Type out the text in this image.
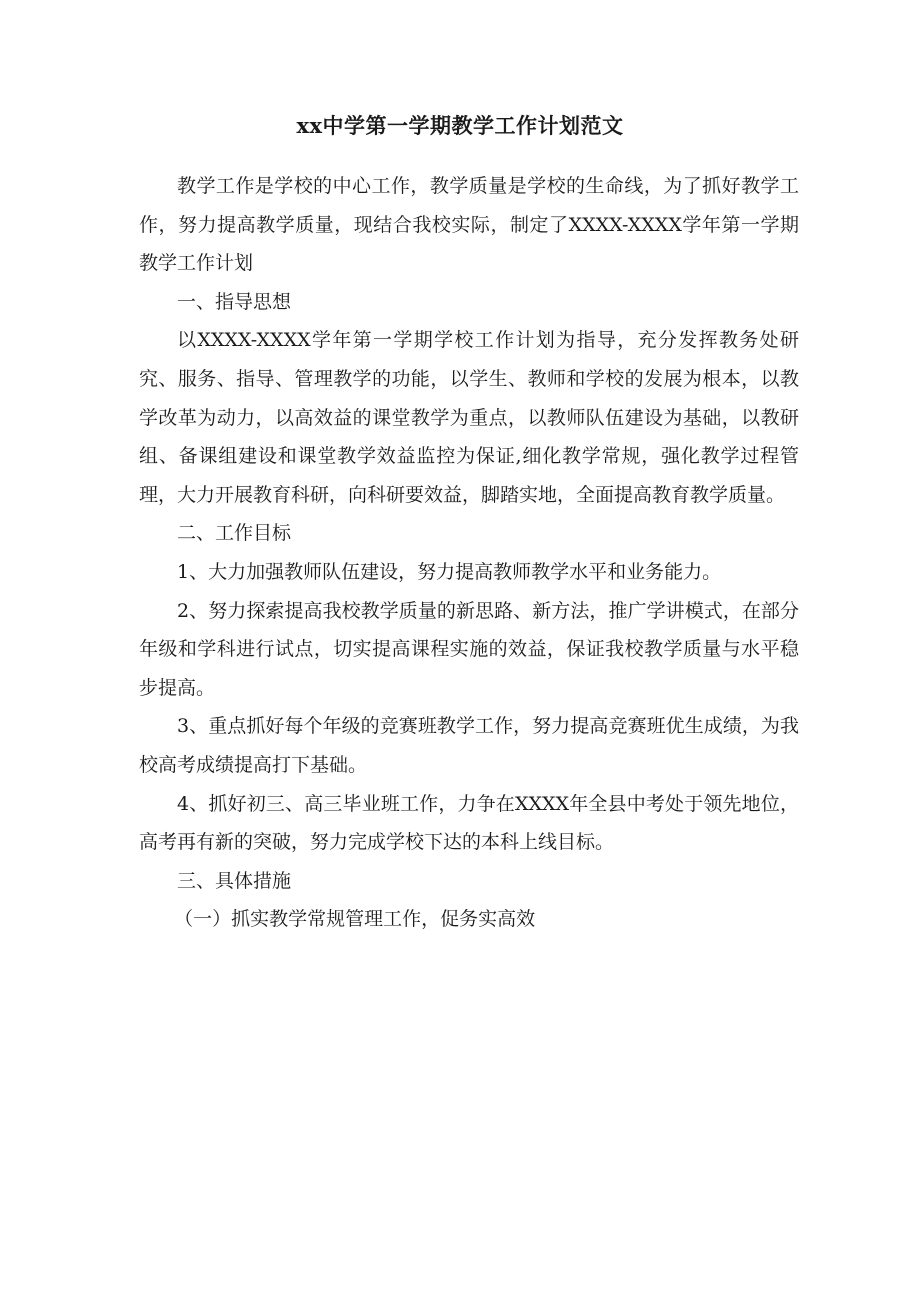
xx中学第一学期教学工作计划范文

教学工作是学校的中心工作，教学质量是学校的生命线，为了抓好教学工作，努力提高教学质量，现结合我校实际，制定了XXXX-XXXX学年第一学期教学工作计划

一、指导思想

以XXXX-XXXX学年第一学期学校工作计划为指导，充分发挥教务处研究、服务、指导、管理教学的功能，以学生、教师和学校的发展为根本，以教学改革为动力，以高效益的课堂教学为重点，以教师队伍建设为基础，以教研组、备课组建设和课堂教学效益监控为保证,细化教学常规，强化教学过程管理，大力开展教育科研，向科研要效益，脚踏实地，全面提高教育教学质量。

二、工作目标

1、大力加强教师队伍建设，努力提高教师教学水平和业务能力。

2、努力探索提高我校教学质量的新思路、新方法，推广学讲模式，在部分年级和学科进行试点，切实提高课程实施的效益，保证我校教学质量与水平稳步提高。

3、重点抓好每个年级的竞赛班教学工作，努力提高竞赛班优生成绩，为我校高考成绩提高打下基础。

4、抓好初三、高三毕业班工作，力争在XXXX年全县中考处于领先地位，高考再有新的突破，努力完成学校下达的本科上线目标。

三、具体措施

（一）抓实教学常规管理工作，促务实高效
